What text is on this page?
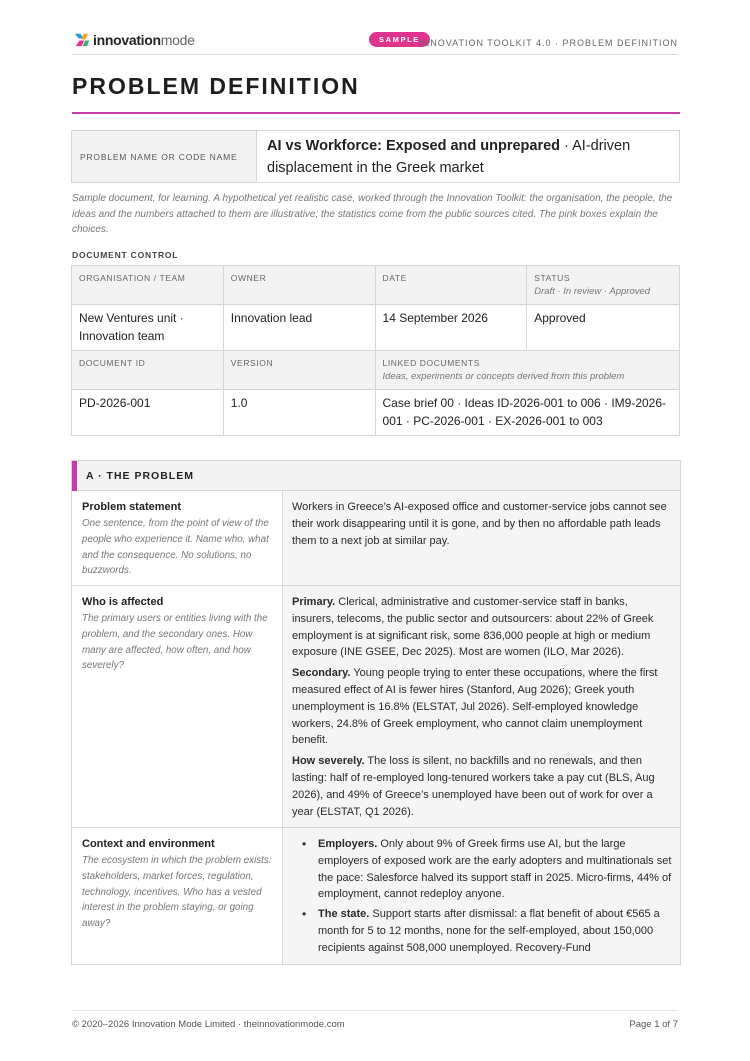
innovationmode	SAMPLE INNOVATION TOOLKIT 4.0 · PROBLEM DEFINITION
PROBLEM DEFINITION
PROBLEM NAME OR CODE NAME
AI vs Workforce: Exposed and unprepared · AI-driven displacement in the Greek market

Sample document, for learning. A hypothetical yet realistic case, worked through the Innovation Toolkit: the organisation, the people, the ideas and the numbers attached to them are illustrative; the statistics come from the public sources cited. The pink boxes explain the choices.

DOCUMENT CONTROL
ORGANISATION / TEAM	OWNER	DATE	STATUS
Draft · In review · Approved

New Ventures unit · Innovation team	Innovation lead	14 September 2026	Approved
DOCUMENT ID	VERSION	LINKED DOCUMENTS
Ideas, experiments or concepts derived from this problem	

PD-2026-001	1.0	Case brief 00 · Ideas ID-2026-001 to 006 · IM9-2026-001 · PC-2026-001 · EX-2026-001 to 003	
A · THE PROBLEM
Problem statement
One sentence, from the point of view of the people who experience it. Name who, what and the consequence. No solutions, no buzzwords.
Workers in Greece’s AI-exposed office and customer-service jobs cannot see their work disappearing until it is gone, and by then no affordable path leads them to a next job at similar pay.
Who is affected
The primary users or entities living with the problem, and the secondary ones. How many are affected, how often, and how severely?

Primary. Clerical, administrative and customer-service staff in banks, insurers, telecoms, the public sector and outsourcers: about 22% of Greek employment is at significant risk, some 836,000 people at high or medium exposure (INE GSEE, Dec 2025). Most are women (ILO, Mar 2026).

Secondary. Young people trying to enter these occupations, where the first measured effect of AI is fewer hires (Stanford, Aug 2026); Greek youth unemployment is 16.8% (ELSTAT, Jul 2026). Self-employed knowledge workers, 24.8% of Greek employment, who cannot claim unemployment benefit.

How severely. The loss is silent, no backfills and no renewals, and then lasting: half of re-employed long-tenured workers take a pay cut (BLS, Aug 2026), and 49% of Greece’s unemployed have been out of work for over a year (ELSTAT, Q1 2026).

Context and environment
The ecosystem in which the problem exists: stakeholders, market forces, regulation, technology, incentives. Who has a vested interest in the problem staying, or going away?
• Employers. Only about 9% of Greek firms use AI, but the large employers of exposed work are the early adopters and multinationals set the pace: Salesforce halved its support staff in 2025. Micro-firms, 44% of employment, cannot redeploy anyone.
• The state. Support starts after dismissal: a flat benefit of about €565 a month for 5 to 12 months, none for the self-employed, about 150,000 recipients against 508,000 unemployed. Recovery-Fund
© 2020–2026 Innovation Mode Limited · theinnovationmode.com	Page 1 of 7
